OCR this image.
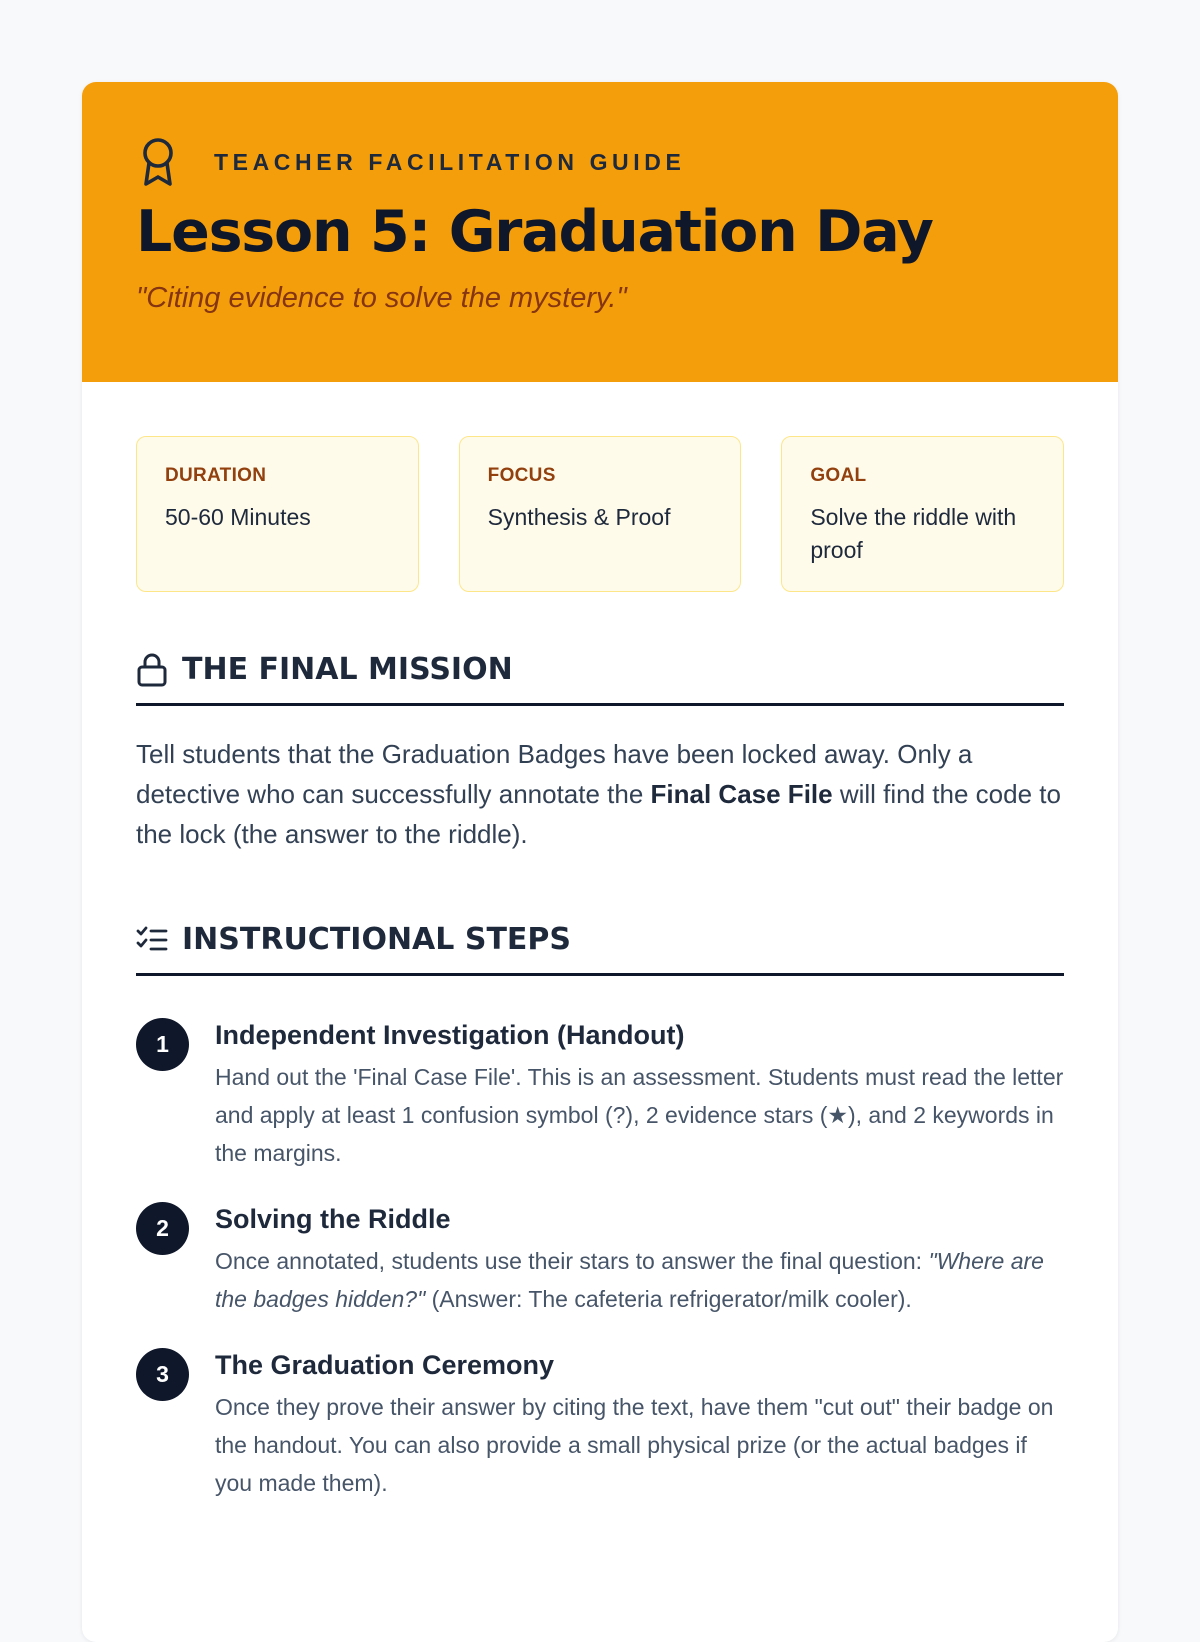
TEACHER FACILITATION GUIDE
Lesson 5: Graduation Day
"Citing evidence to solve the mystery."
DURATION
50-60 Minutes
FOCUS
Synthesis & Proof
GOAL
Solve the riddle with proof
THE FINAL MISSION
Tell students that the Graduation Badges have been locked away. Only a detective who can successfully annotate the Final Case File will find the code to the lock (the answer to the riddle).
INSTRUCTIONAL STEPS
1	Independent Investigation (Handout)
Hand out the 'Final Case File'. This is an assessment. Students must read the letter and apply at least 1 confusion symbol (?), 2 evidence stars (★), and 2 keywords in the margins.
2	Solving the Riddle
Once annotated, students use their stars to answer the final question: "Where are the badges hidden?" (Answer: The cafeteria refrigerator/milk cooler).
3	The Graduation Ceremony
Once they prove their answer by citing the text, have them "cut out" their badge on the handout. You can also provide a small physical prize (or the actual badges if you made them).
